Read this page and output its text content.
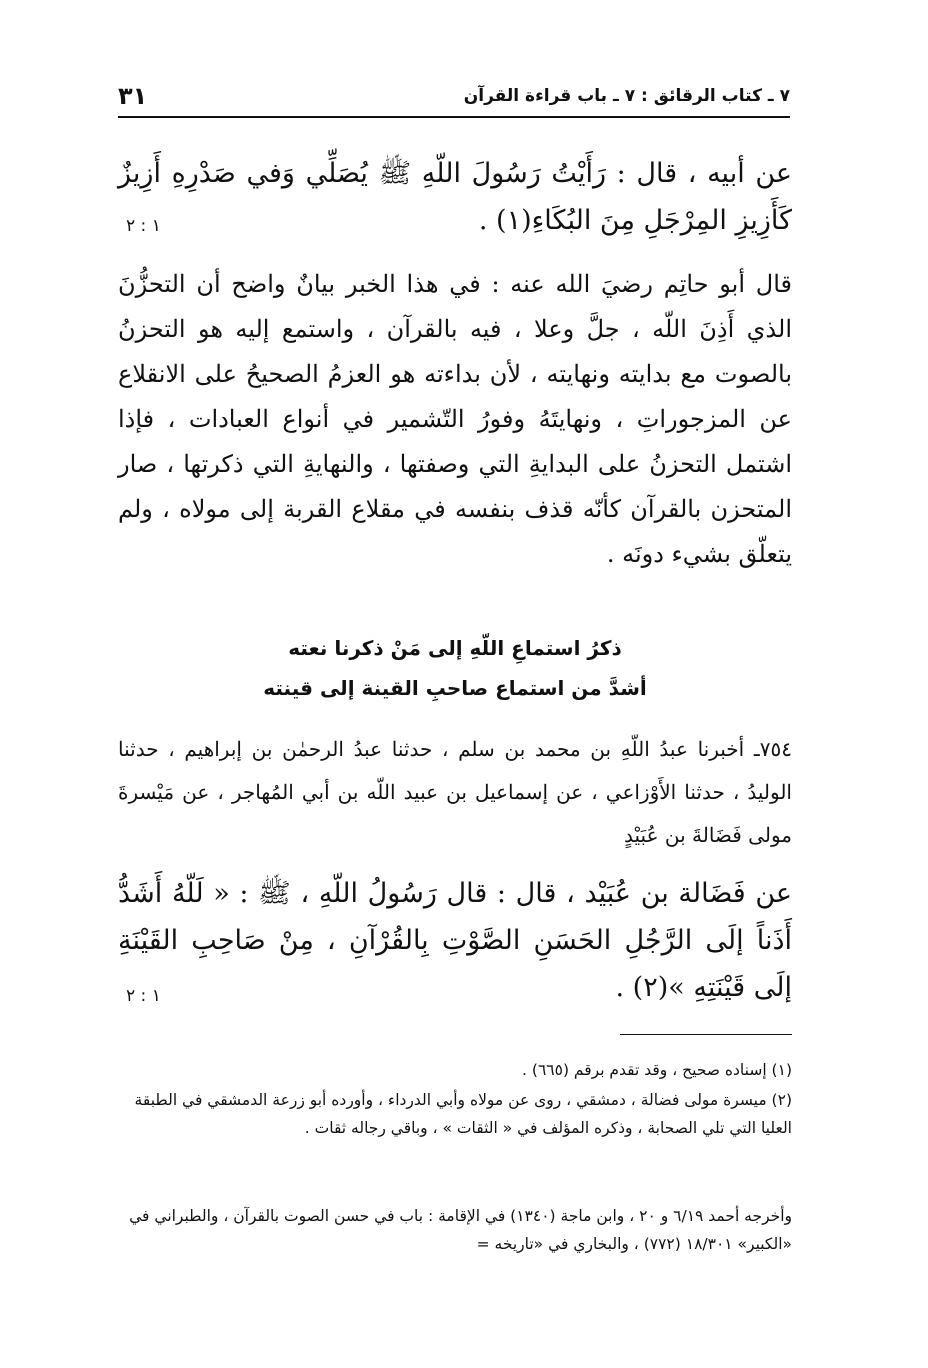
٧ ـ كتاب الرقائق : ٧ ـ باب قراءة القرآن
٣١
عن أبيه ، قال : رَأَيْتُ رَسُولَ اللّهِ ﷺ يُصَلِّي وَفي صَدْرِهِ أَزِيزٌ كَأَزِيزِ المِرْجَلِ مِنَ البُكَاءِ(١) .
١ : ٢
قال أبو حاتِم رضيَ الله عنه : في هذا الخبر بيانٌ واضح أن التحزُّنَ الذي أَذِنَ اللّه ، جلَّ وعلا ، فيه بالقرآن ، واستمع إليه هو التحزنُ بالصوت مع بدايته ونهايته ، لأن بداءته هو العزمُ الصحيحُ على الانقلاع عن المزجوراتِ ، ونهايتَهُ وفورُ التّشمير في أنواع العبادات ، فإذا اشتمل التحزنُ على البدايةِ التي وصفتها ، والنهايةِ التي ذكرتها ، صار المتحزن بالقرآن كأنّه قذف بنفسه في مقلاع القربة إلى مولاه ، ولم يتعلّق بشيء دونَه .
ذكرُ استماعِ اللّهِ إلى مَنْ ذكرنا نعته
أشدَّ من استماع صاحبِ القينة إلى قينته
٧٥٤ـ أخبرنا عبدُ اللّهِ بن محمد بن سلم ، حدثنا عبدُ الرحمٰن بن إبراهيم ، حدثنا الوليدُ ، حدثنا الأَوْزاعي ، عن إسماعيل بن عبيد اللّه بن أبي المُهاجر ، عن مَيْسرةَ مولى فَضَالةَ بن عُبَيْدٍ
عن فَضَالة بن عُبَيْد ، قال : قال رَسُولُ اللّهِ ، ﷺ : « لَلّهُ أَشَدُّ أَذَناً إلَى الرَّجُلِ الحَسَنِ الصَّوْتِ بِالقُرْآنِ ، مِنْ صَاحِبِ القَيْنَةِ إلَى قَيْنَتِهِ »(٢) .
١ : ٢
(١) إسناده صحيح ، وقد تقدم برقم (٦٦٥) .
(٢) ميسرة مولى فضالة ، دمشقي ، روى عن مولاه وأبي الدرداء ، وأورده أبو زرعة الدمشقي في الطبقة العليا التي تلي الصحابة ، وذكره المؤلف في « الثقات » ، وباقي رجاله ثقات .
وأخرجه أحمد ٦/١٩ و ٢٠ ، وابن ماجة (١٣٤٠) في الإقامة : باب في حسن الصوت بالقرآن ، والطبراني في «الكبير» ١٨/٣٠١ (٧٧٢) ، والبخاري في «تاريخه =
